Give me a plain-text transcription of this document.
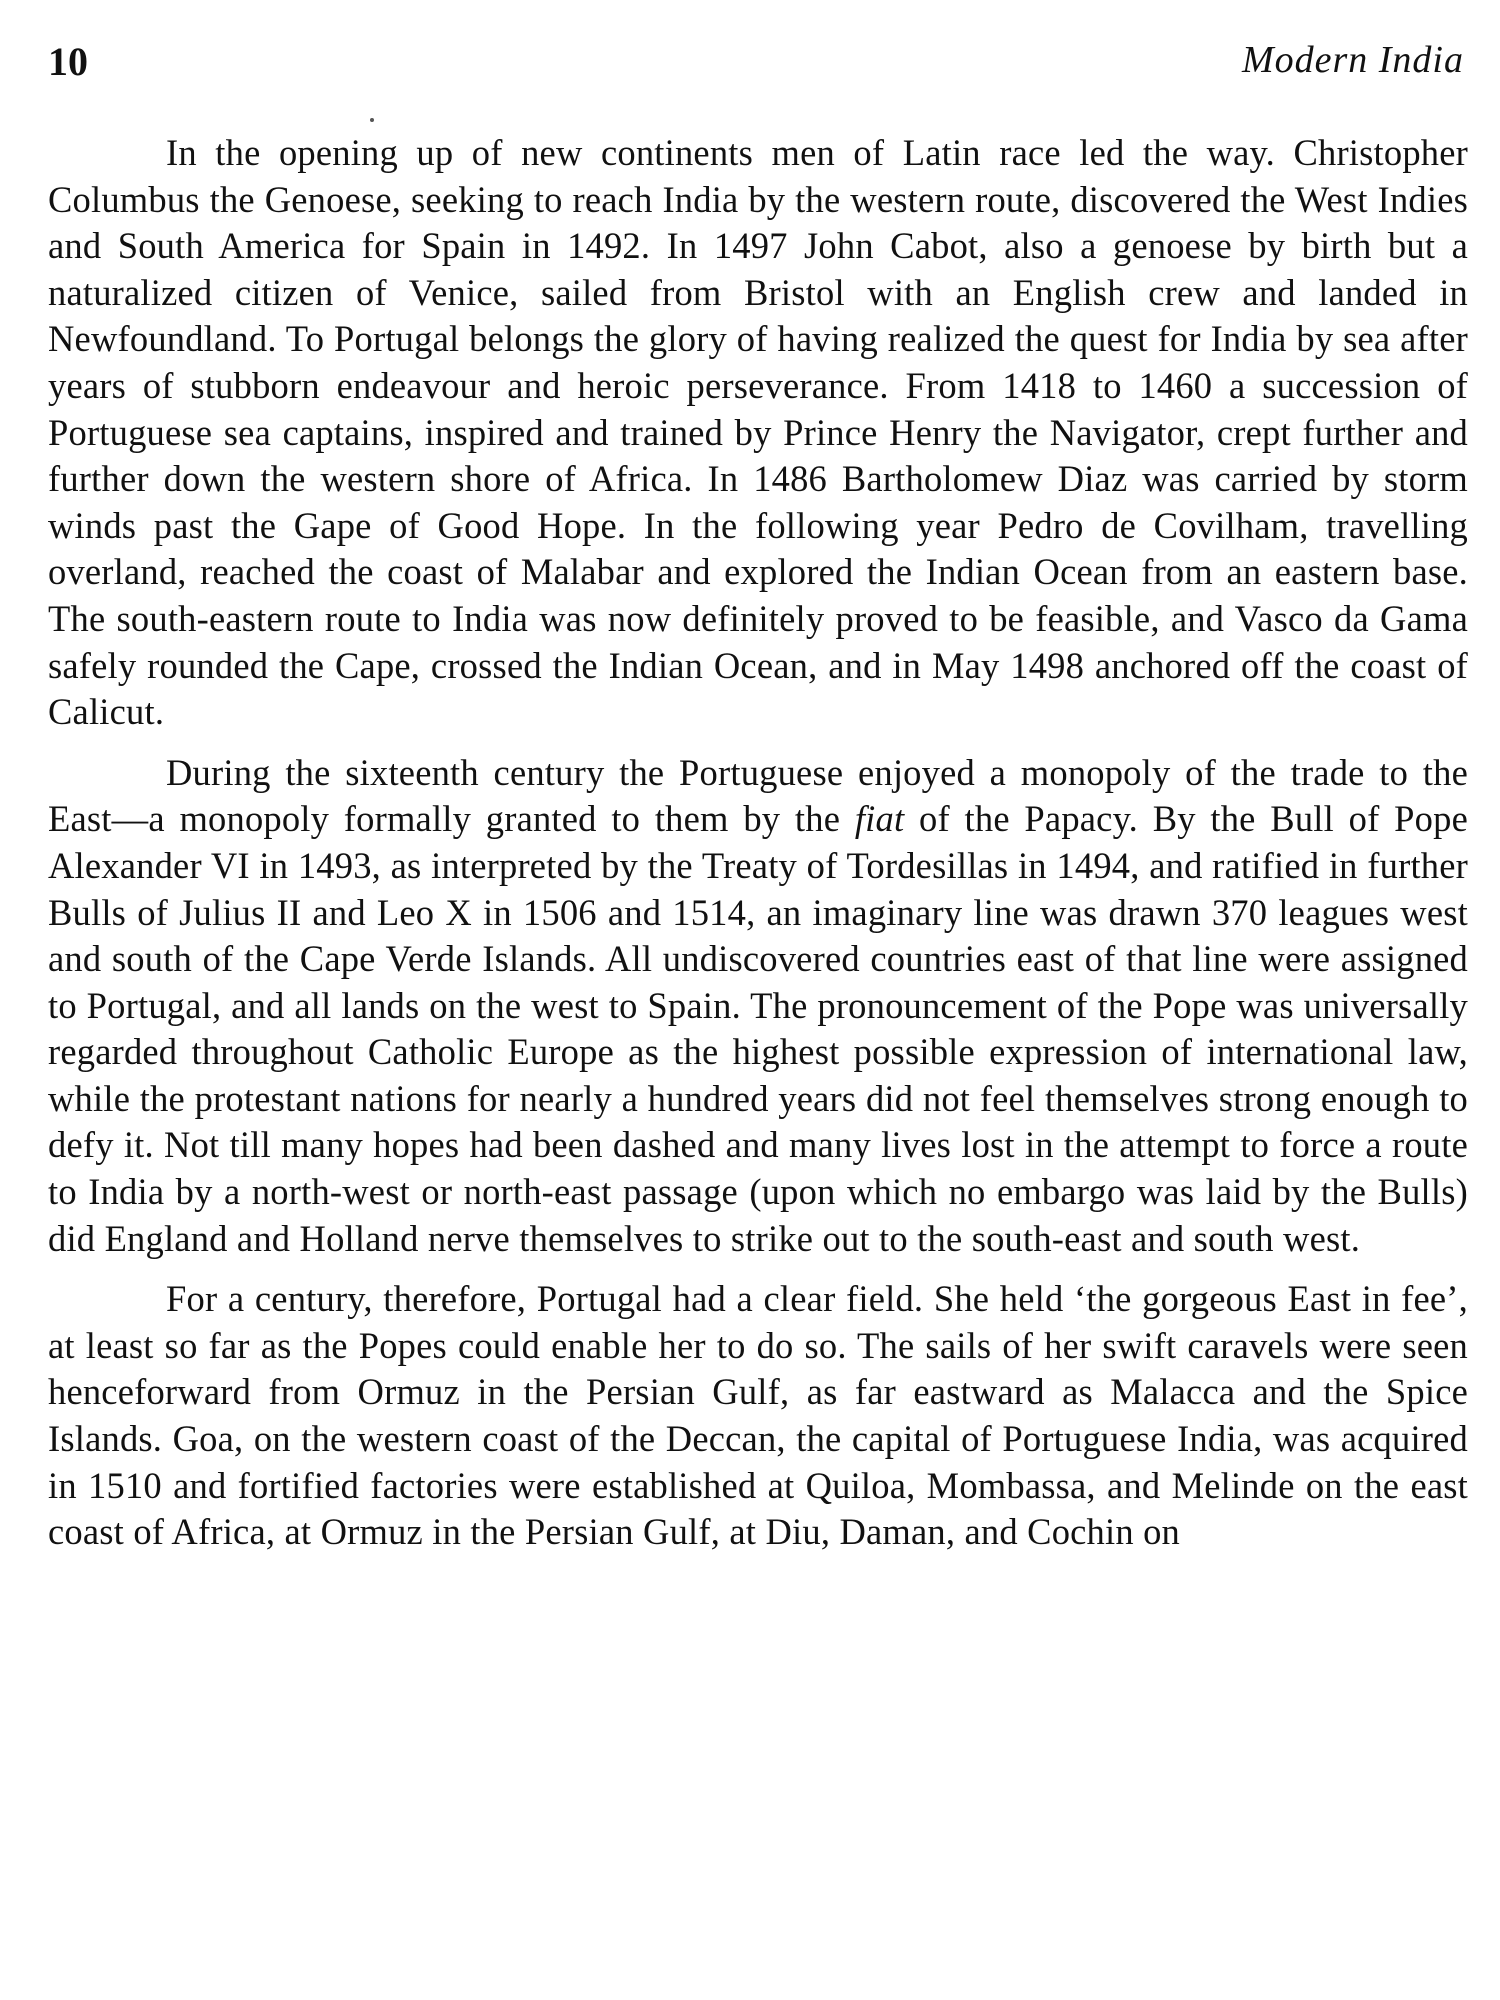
10	Modern India

In the opening up of new continents men of Latin race led the way. Christopher Columbus the Genoese, seeking to reach India by the western route, discovered the West Indies and South America for Spain in 1492. In 1497 John Cabot, also a genoese by birth but a naturalized citizen of Venice, sailed from Bristol with an English crew and landed in Newfoundland. To Portugal belongs the glory of having realized the quest for India by sea after years of stubborn endeavour and heroic perseverance. From 1418 to 1460 a succession of Portuguese sea captains, inspired and trained by Prince Henry the Navigator, crept further and further down the western shore of Africa. In 1486 Bartholomew Diaz was carried by storm winds past the Gape of Good Hope. In the following year Pedro de Covilham, travelling overland, reached the coast of Malabar and explored the Indian Ocean from an eastern base. The south-eastern route to India was now definitely proved to be feasible, and Vasco da Gama safely rounded the Cape, crossed the Indian Ocean, and in May 1498 anchored off the coast of Calicut.

During the sixteenth century the Portuguese enjoyed a monopoly of the trade to the East—a monopoly formally granted to them by the fiat of the Papacy. By the Bull of Pope Alexander VI in 1493, as interpreted by the Treaty of Tordesillas in 1494, and ratified in further Bulls of Julius II and Leo X in 1506 and 1514, an imaginary line was drawn 370 leagues west and south of the Cape Verde Islands. All undiscovered countries east of that line were assigned to Portugal, and all lands on the west to Spain. The pronouncement of the Pope was universally regarded throughout Catholic Europe as the highest possible expression of international law, while the protestant nations for nearly a hundred years did not feel themselves strong enough to defy it. Not till many hopes had been dashed and many lives lost in the attempt to force a route to India by a north-west or north-east passage (upon which no embargo was laid by the Bulls) did England and Holland nerve themselves to strike out to the south-east and south west.

For a century, therefore, Portugal had a clear field. She held ‘the gorgeous East in fee’, at least so far as the Popes could enable her to do so. The sails of her swift caravels were seen henceforward from Ormuz in the Persian Gulf, as far eastward as Malacca and the Spice Islands. Goa, on the western coast of the Deccan, the capital of Portuguese India, was acquired in 1510 and fortified factories were established at Quiloa, Mombassa, and Melinde on the east coast of Africa, at Ormuz in the Persian Gulf, at Diu, Daman, and Cochin on
